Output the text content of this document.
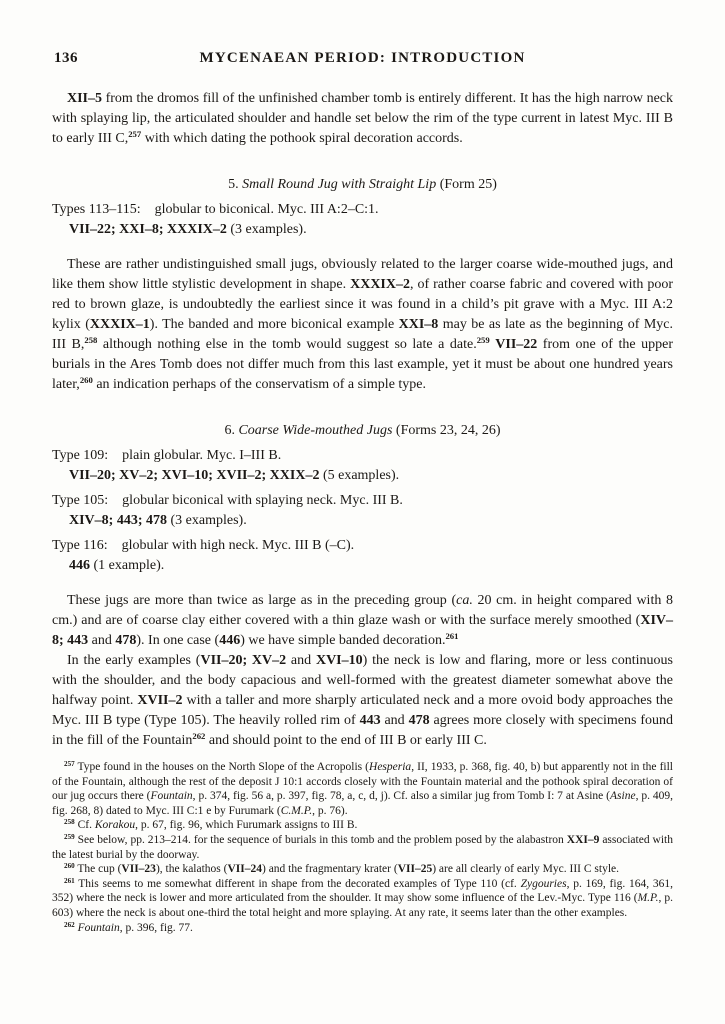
136	MYCENAEAN PERIOD: INTRODUCTION

XII–5 from the dromos fill of the unfinished chamber tomb is entirely different. It has the high narrow neck with splaying lip, the articulated shoulder and handle set below the rim of the type current in latest Myc. III B to early III C,$^{257}$ with which dating the pothook spiral decoration accords.

5. Small Round Jug with Straight Lip (Form 25)

Types 113–115: globular to biconical. Myc. III A:2–C:1.

VII–22; XXI–8; XXXIX–2 (3 examples).

These are rather undistinguished small jugs, obviously related to the larger coarse wide-mouthed jugs, and like them show little stylistic development in shape. XXXIX–2, of rather coarse fabric and covered with poor red to brown glaze, is undoubtedly the earliest since it was found in a child’s pit grave with a Myc. III A:2 kylix (XXXIX–1). The banded and more biconical example XXI–8 may be as late as the beginning of Myc. III B,$^{258}$ although nothing else in the tomb would suggest so late a date.$^{259}$ VII–22 from one of the upper burials in the Ares Tomb does not differ much from this last example, yet it must be about one hundred years later,$^{260}$ an indication perhaps of the conservatism of a simple type.

6. Coarse Wide-mouthed Jugs (Forms 23, 24, 26)

Type 109: plain globular. Myc. I–III B.

VII–20; XV–2; XVI–10; XVII–2; XXIX–2 (5 examples).

Type 105: globular biconical with splaying neck. Myc. III B.

XIV–8; 443; 478 (3 examples).

Type 116: globular with high neck. Myc. III B (–C).

446 (1 example).

These jugs are more than twice as large as in the preceding group (ca. 20 cm. in height compared with 8 cm.) and are of coarse clay either covered with a thin glaze wash or with the surface merely smoothed (XIV–8; 443 and 478). In one case (446) we have simple banded decoration.$^{261}$

In the early examples (VII–20; XV–2 and XVI–10) the neck is low and flaring, more or less continuous with the shoulder, and the body capacious and well-formed with the greatest diameter somewhat above the halfway point. XVII–2 with a taller and more sharply articulated neck and a more ovoid body approaches the Myc. III B type (Type 105). The heavily rolled rim of 443 and 478 agrees more closely with specimens found in the fill of the Fountain$^{262}$ and should point to the end of III B or early III C.

$^{257}$ Type found in the houses on the North Slope of the Acropolis (Hesperia, II, 1933, p. 368, fig. 40, b) but apparently not in the fill of the Fountain, although the rest of the deposit J 10:1 accords closely with the Fountain material and the pothook spiral decoration of our jug occurs there (Fountain, p. 374, fig. 56 a, p. 397, fig. 78, a, c, d, j). Cf. also a similar jug from Tomb I: 7 at Asine (Asine, p. 409, fig. 268, 8) dated to Myc. III C:1 e by Furumark (C.M.P., p. 76).

$^{258}$ Cf. Korakou, p. 67, fig. 96, which Furumark assigns to III B.

$^{259}$ See below, pp. 213–214. for the sequence of burials in this tomb and the problem posed by the alabastron XXI–9 associated with the latest burial by the doorway.

$^{260}$ The cup (VII–23), the kalathos (VII–24) and the fragmentary krater (VII–25) are all clearly of early Myc. III C style.

$^{261}$ This seems to me somewhat different in shape from the decorated examples of Type 110 (cf. Zygouries, p. 169, fig. 164, 361, 352) where the neck is lower and more articulated from the shoulder. It may show some influence of the Lev.-Myc. Type 116 (M.P., p. 603) where the neck is about one-third the total height and more splaying. At any rate, it seems later than the other examples.

$^{262}$ Fountain, p. 396, fig. 77.
